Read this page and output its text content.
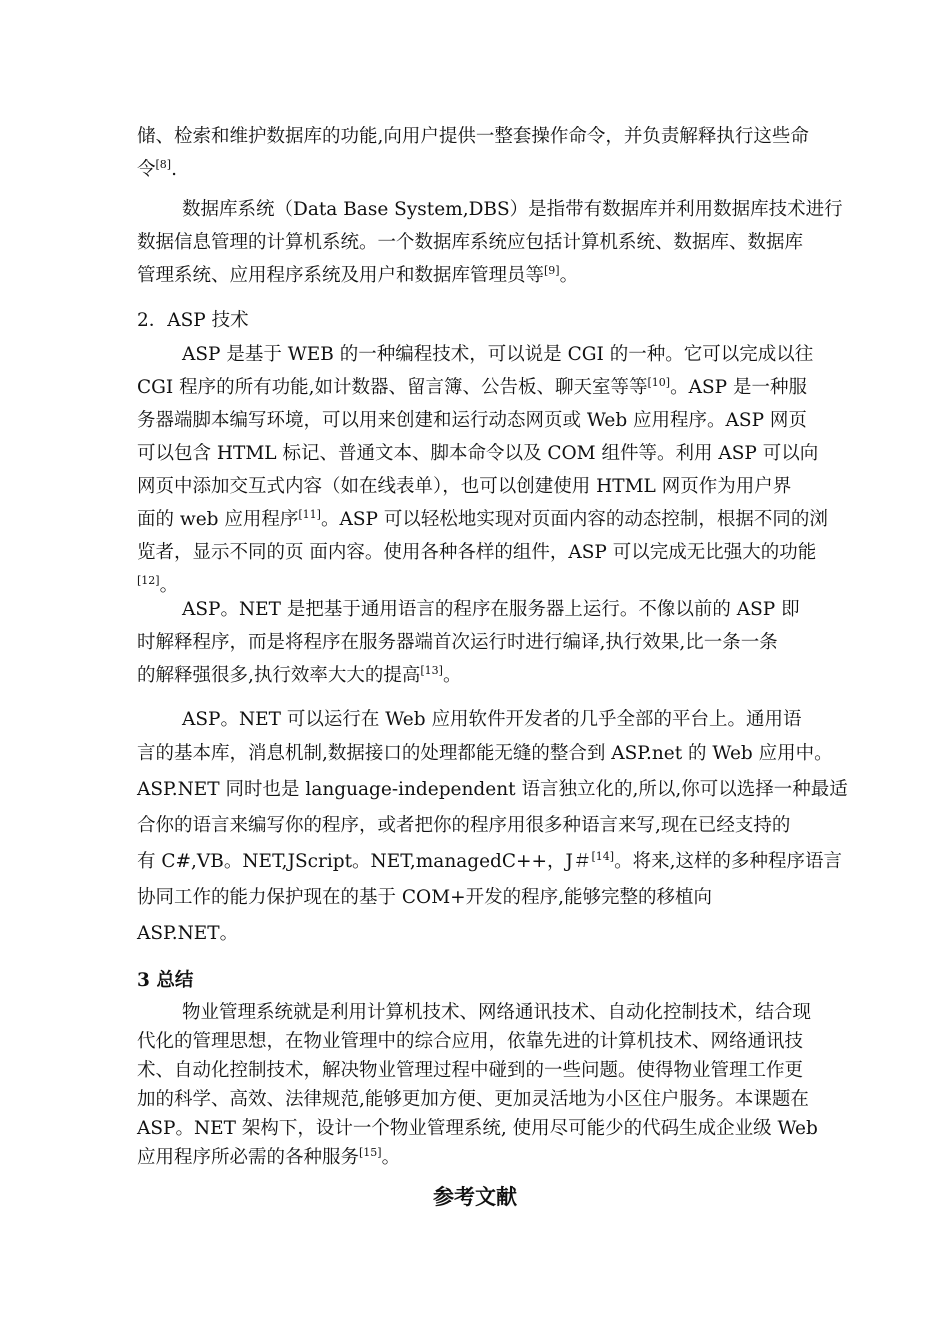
储、检索和维护数据库的功能,向用户提供一整套操作命令，并负责解释执行这些命
令[8].
数据库系统（Data Base System,DBS）是指带有数据库并利用数据库技术进行
数据信息管理的计算机系统。一个数据库系统应包括计算机系统、数据库、数据库
管理系统、应用程序系统及用户和数据库管理员等[9]。
2．ASP 技术
ASP 是基于 WEB 的一种编程技术，可以说是 CGI 的一种。它可以完成以往
CGI 程序的所有功能,如计数器、留言簿、公告板、聊天室等等[10]。ASP 是一种服
务器端脚本编写环境，可以用来创建和运行动态网页或 Web 应用程序。ASP 网页
可以包含 HTML 标记、普通文本、脚本命令以及 COM 组件等。利用 ASP 可以向
网页中添加交互式内容（如在线表单），也可以创建使用 HTML 网页作为用户界
面的 web 应用程序[11]。ASP 可以轻松地实现对页面内容的动态控制，根据不同的浏
览者，显示不同的页 面内容。使用各种各样的组件，ASP 可以完成无比强大的功能
[12]。
ASP。NET 是把基于通用语言的程序在服务器上运行。不像以前的 ASP 即
时解释程序，而是将程序在服务器端首次运行时进行编译,执行效果,比一条一条
的解释强很多,执行效率大大的提高[13]。
ASP。NET 可以运行在 Web 应用软件开发者的几乎全部的平台上。通用语
言的基本库，消息机制,数据接口的处理都能无缝的整合到 ASP.net 的 Web 应用中。
ASP.NET 同时也是 language-independent 语言独立化的,所以,你可以选择一种最适
合你的语言来编写你的程序，或者把你的程序用很多种语言来写,现在已经支持的
有 C#,VB。NET,JScript。NET,managedC++，J＃[14]。将来,这样的多种程序语言
协同工作的能力保护现在的基于 COM+开发的程序,能够完整的移植向
ASP.NET。
3 总结
物业管理系统就是利用计算机技术、网络通讯技术、自动化控制技术，结合现
代化的管理思想，在物业管理中的综合应用，依靠先进的计算机技术、网络通讯技
术、自动化控制技术，解决物业管理过程中碰到的一些问题。使得物业管理工作更
加的科学、高效、法律规范,能够更加方便、更加灵活地为小区住户服务。本课题在
ASP。NET 架构下，设计一个物业管理系统, 使用尽可能少的代码生成企业级 Web
应用程序所必需的各种服务[15]。
参考文献
